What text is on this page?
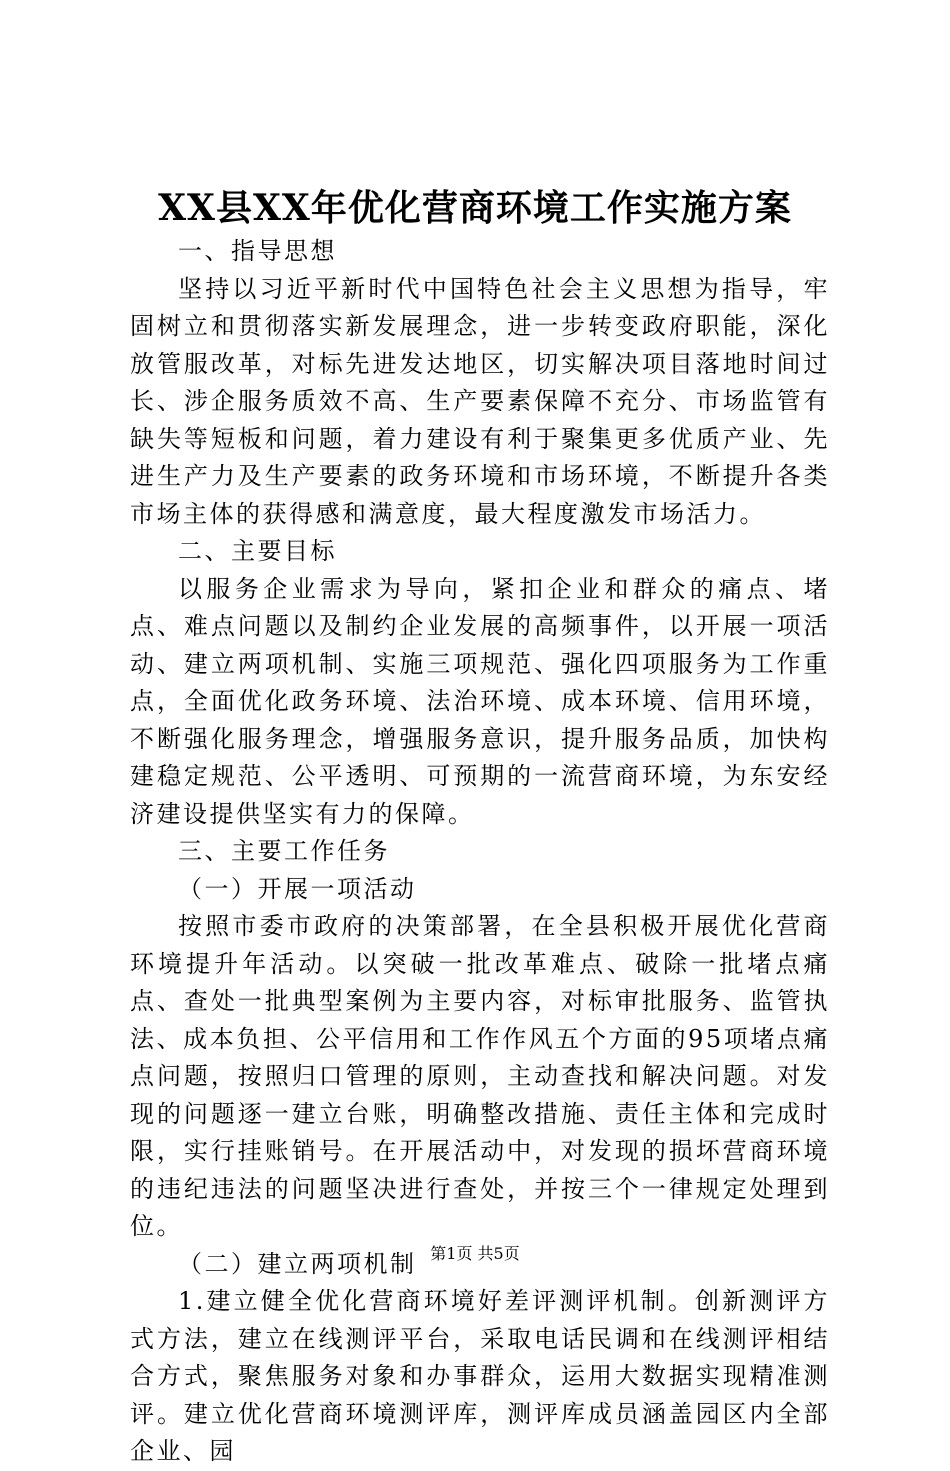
XX县XX年优化营商环境工作实施方案

一、指导思想

坚持以习近平新时代中国特色社会主义思想为指导，牢固树立和贯彻落实新发展理念，进一步转变政府职能，深化放管服改革，对标先进发达地区，切实解决项目落地时间过长、涉企服务质效不高、生产要素保障不充分、市场监管有缺失等短板和问题，着力建设有利于聚集更多优质产业、先进生产力及生产要素的政务环境和市场环境，不断提升各类市场主体的获得感和满意度，最大程度激发市场活力。

二、主要目标

以服务企业需求为导向，紧扣企业和群众的痛点、堵点、难点问题以及制约企业发展的高频事件，以开展一项活动、建立两项机制、实施三项规范、强化四项服务为工作重点，全面优化政务环境、法治环境、成本环境、信用环境，不断强化服务理念，增强服务意识，提升服务品质，加快构建稳定规范、公平透明、可预期的一流营商环境，为东安经济建设提供坚实有力的保障。

三、主要工作任务

（一）开展一项活动

按照市委市政府的决策部署，在全县积极开展优化营商环境提升年活动。以突破一批改革难点、破除一批堵点痛点、查处一批典型案例为主要内容，对标审批服务、监管执法、成本负担、公平信用和工作作风五个方面的95项堵点痛点问题，按照归口管理的原则，主动查找和解决问题。对发现的问题逐一建立台账，明确整改措施、责任主体和完成时限，实行挂账销号。在开展活动中，对发现的损坏营商环境的违纪违法的问题坚决进行查处，并按三个一律规定处理到位。

（二）建立两项机制

1.建立健全优化营商环境好差评测评机制。创新测评方式方法，建立在线测评平台，采取电话民调和在线测评相结合方式，聚焦服务对象和办事群众，运用大数据实现精准测评。建立优化营商环境测评库，测评库成员涵盖园区内全部企业、园

第1页 共5页
